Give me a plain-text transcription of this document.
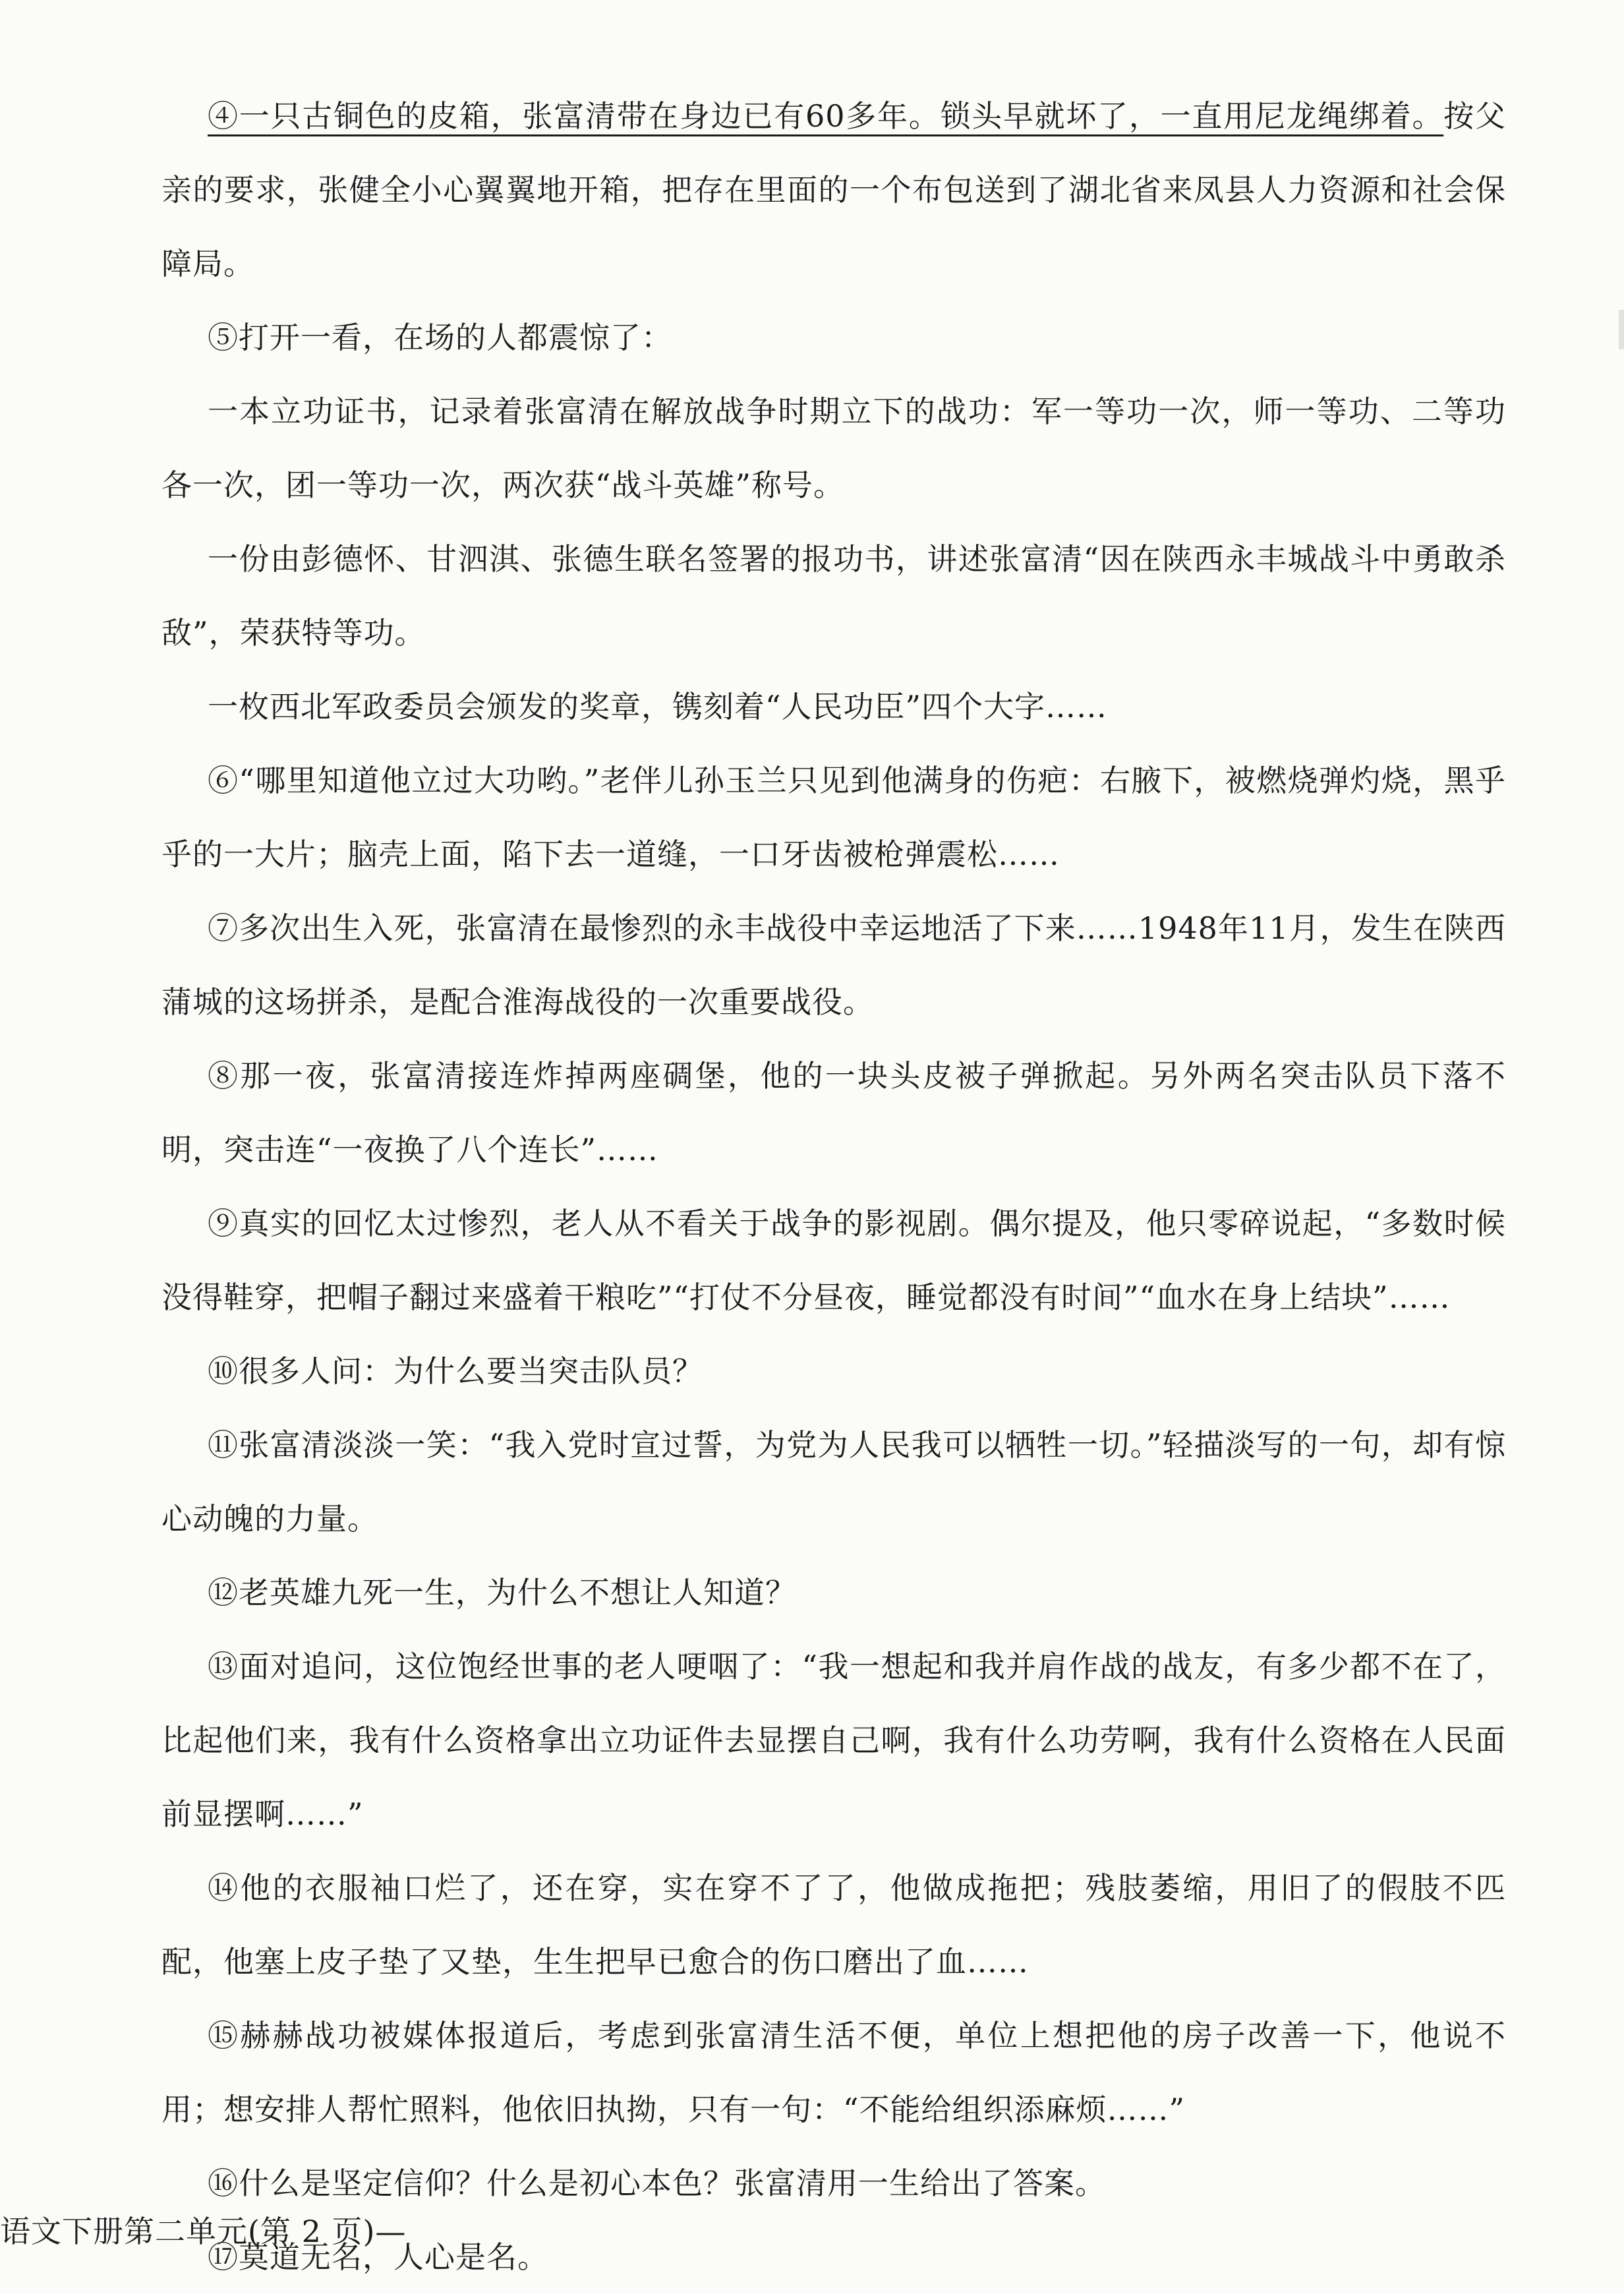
④一只古铜色的皮箱，张富清带在身边已有60多年。锁头早就坏了，一直用尼龙绳绑着。按父亲的要求，张健全小心翼翼地开箱，把存在里面的一个布包送到了湖北省来凤县人力资源和社会保障局。

⑤打开一看，在场的人都震惊了：

一本立功证书，记录着张富清在解放战争时期立下的战功：军一等功一次，师一等功、二等功各一次，团一等功一次，两次获“战斗英雄”称号。

一份由彭德怀、甘泗淇、张德生联名签署的报功书，讲述张富清“因在陕西永丰城战斗中勇敢杀敌”，荣获特等功。

一枚西北军政委员会颁发的奖章，镌刻着“人民功臣”四个大字……

⑥“哪里知道他立过大功哟。”老伴儿孙玉兰只见到他满身的伤疤：右腋下，被燃烧弹灼烧，黑乎乎的一大片；脑壳上面，陷下去一道缝，一口牙齿被枪弹震松……

⑦多次出生入死，张富清在最惨烈的永丰战役中幸运地活了下来……1948年11月，发生在陕西蒲城的这场拼杀，是配合淮海战役的一次重要战役。

⑧那一夜，张富清接连炸掉两座碉堡，他的一块头皮被子弹掀起。另外两名突击队员下落不明，突击连“一夜换了八个连长”……

⑨真实的回忆太过惨烈，老人从不看关于战争的影视剧。偶尔提及，他只零碎说起，“多数时候没得鞋穿，把帽子翻过来盛着干粮吃”“打仗不分昼夜，睡觉都没有时间”“血水在身上结块”……

⑩很多人问：为什么要当突击队员？

⑪张富清淡淡一笑：“我入党时宣过誓，为党为人民我可以牺牲一切。”轻描淡写的一句，却有惊心动魄的力量。

⑫老英雄九死一生，为什么不想让人知道？

⑬面对追问，这位饱经世事的老人哽咽了：“我一想起和我并肩作战的战友，有多少都不在了，比起他们来，我有什么资格拿出立功证件去显摆自己啊，我有什么功劳啊，我有什么资格在人民面前显摆啊……”

⑭他的衣服袖口烂了，还在穿，实在穿不了了，他做成拖把；残肢萎缩，用旧了的假肢不匹配，他塞上皮子垫了又垫，生生把早已愈合的伤口磨出了血……

⑮赫赫战功被媒体报道后，考虑到张富清生活不便，单位上想把他的房子改善一下，他说不用；想安排人帮忙照料，他依旧执拗，只有一句：“不能给组织添麻烦……”

⑯什么是坚定信仰？什么是初心本色？张富清用一生给出了答案。

⑰莫道无名，人心是名。

语文下册第二单元(第 2 页)—
